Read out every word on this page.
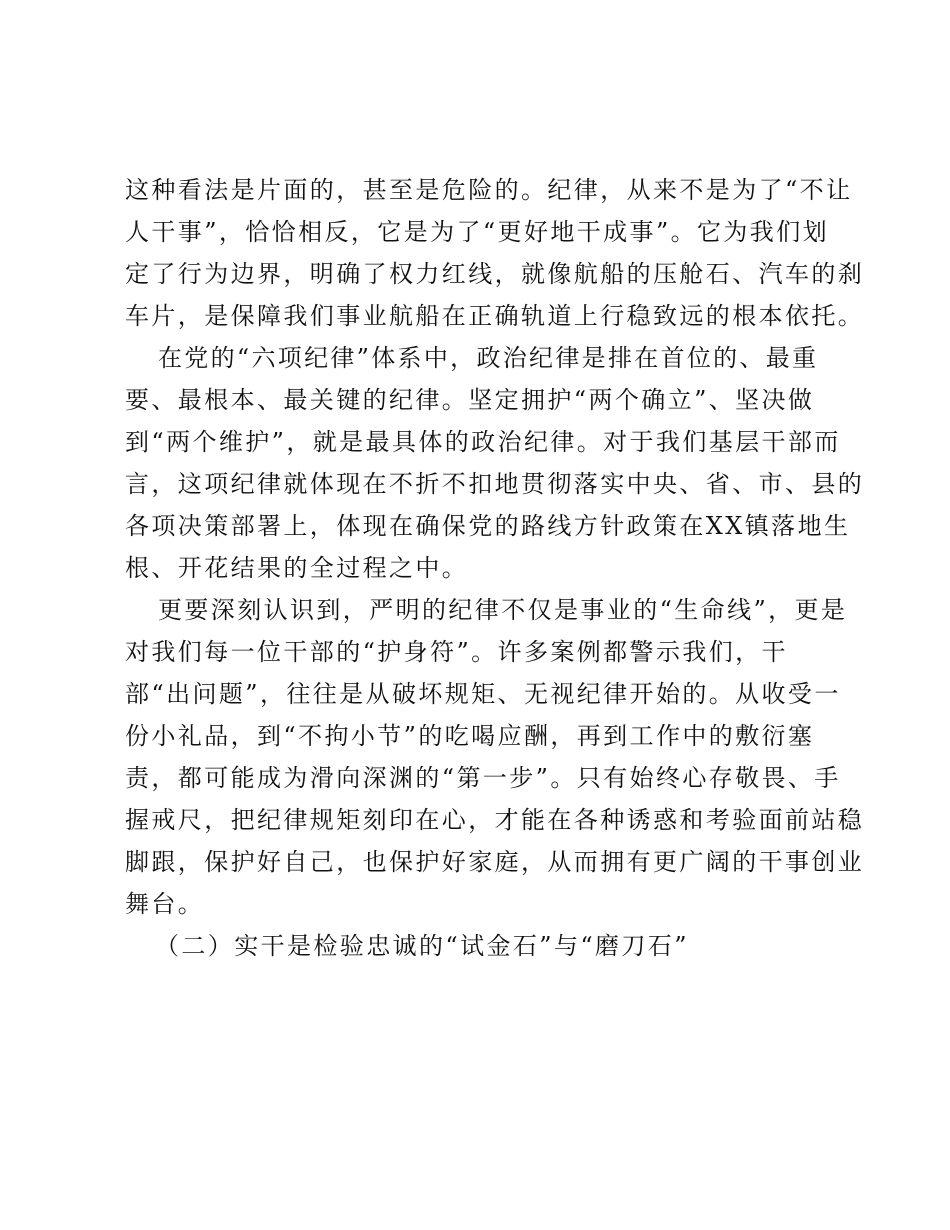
这种看法是片面的，甚至是危险的。纪律，从来不是为了“不让
人干事”，恰恰相反，它是为了“更好地干成事”。它为我们划
定了行为边界，明确了权力红线，就像航船的压舱石、汽车的刹
车片，是保障我们事业航船在正确轨道上行稳致远的根本依托。
在党的“六项纪律”体系中，政治纪律是排在首位的、最重
要、最根本、最关键的纪律。坚定拥护“两个确立”、坚决做
到“两个维护”，就是最具体的政治纪律。对于我们基层干部而
言，这项纪律就体现在不折不扣地贯彻落实中央、省、市、县的
各项决策部署上，体现在确保党的路线方针政策在XX镇落地生
根、开花结果的全过程之中。
更要深刻认识到，严明的纪律不仅是事业的“生命线”，更是
对我们每一位干部的“护身符”。许多案例都警示我们，干
部“出问题”，往往是从破坏规矩、无视纪律开始的。从收受一
份小礼品，到“不拘小节”的吃喝应酬，再到工作中的敷衍塞
责，都可能成为滑向深渊的“第一步”。只有始终心存敬畏、手
握戒尺，把纪律规矩刻印在心，才能在各种诱惑和考验面前站稳
脚跟，保护好自己，也保护好家庭，从而拥有更广阔的干事创业
舞台。
（二）实干是检验忠诚的“试金石”与“磨刀石”
